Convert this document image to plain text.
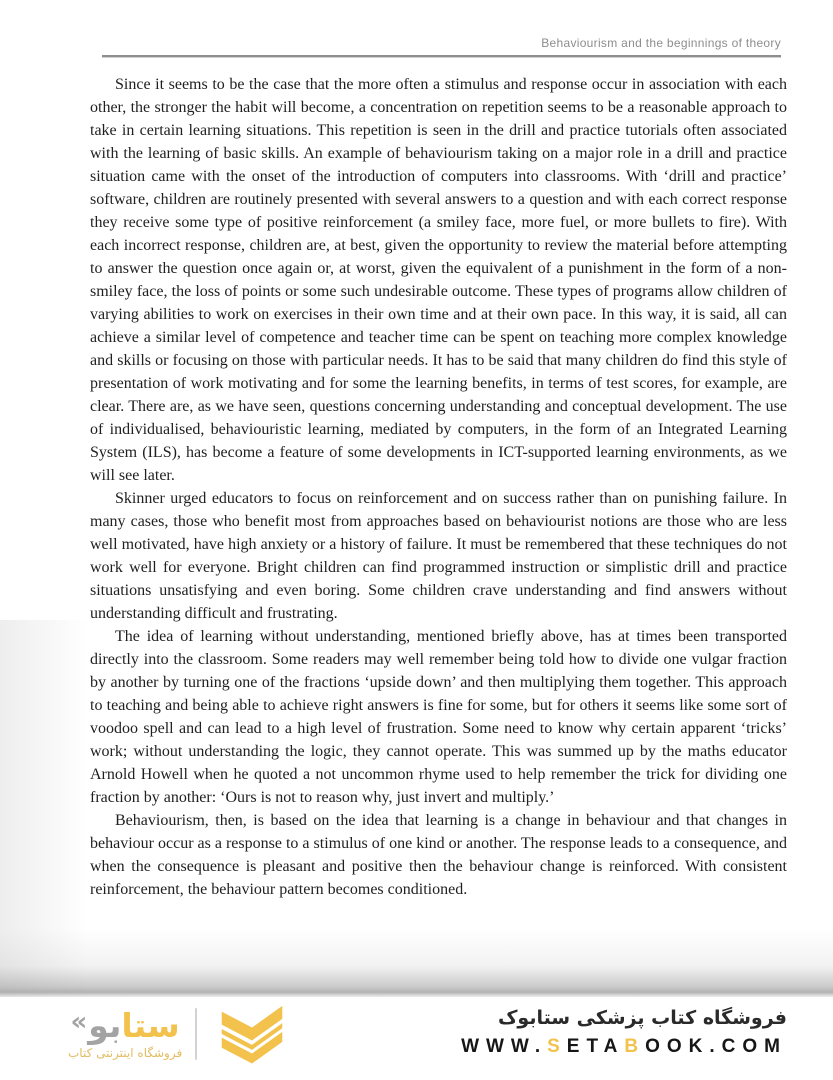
Behaviourism and the beginnings of theory

Since it seems to be the case that the more often a stimulus and response occur in association with each other, the stronger the habit will become, a concentration on repetition seems to be a reasonable approach to take in certain learning situations. This repetition is seen in the drill and practice tutorials often associated with the learning of basic skills. An example of behaviourism taking on a major role in a drill and practice situation came with the onset of the introduction of computers into classrooms. With ‘drill and practice’ software, children are routinely presented with several answers to a question and with each correct response they receive some type of positive reinforcement (a smiley face, more fuel, or more bullets to fire). With each incorrect response, children are, at best, given the opportunity to review the material before attempting to answer the question once again or, at worst, given the equivalent of a punishment in the form of a non-smiley face, the loss of points or some such undesirable outcome. These types of programs allow children of varying abilities to work on exercises in their own time and at their own pace. In this way, it is said, all can achieve a similar level of competence and teacher time can be spent on teaching more complex knowledge and skills or focusing on those with particular needs. It has to be said that many children do find this style of presentation of work motivating and for some the learning benefits, in terms of test scores, for example, are clear. There are, as we have seen, questions concerning understanding and conceptual development. The use of individualised, behaviouristic learning, mediated by computers, in the form of an Integrated Learning System (ILS), has become a feature of some developments in ICT-supported learning environments, as we will see later.

Skinner urged educators to focus on reinforcement and on success rather than on punishing failure. In many cases, those who benefit most from approaches based on behaviourist notions are those who are less well motivated, have high anxiety or a history of failure. It must be remembered that these techniques do not work well for everyone. Bright children can find programmed instruction or simplistic drill and practice situations unsatisfying and even boring. Some children crave understanding and find answers without understanding difficult and frustrating.

The idea of learning without understanding, mentioned briefly above, has at times been transported directly into the classroom. Some readers may well remember being told how to divide one vulgar fraction by another by turning one of the fractions ‘upside down’ and then multiplying them together. This approach to teaching and being able to achieve right answers is fine for some, but for others it seems like some sort of voodoo spell and can lead to a high level of frustration. Some need to know why certain apparent ‘tricks’ work; without understanding the logic, they cannot operate. This was summed up by the maths educator Arnold Howell when he quoted a not uncommon rhyme used to help remember the trick for dividing one fraction by another: ‘Ours is not to reason why, just invert and multiply.’

Behaviourism, then, is based on the idea that learning is a change in behaviour and that changes in behaviour occur as a response to a stimulus of one kind or another. The response leads to a consequence, and when the consequence is pleasant and positive then the behaviour change is reinforced. With consistent reinforcement, the behaviour pattern becomes conditioned.

« بو ستا
فروشگاه اینترنتی کتاب
فروشگاه کتاب پزشکی ستابوک
WWW.SETABOOK.COM
